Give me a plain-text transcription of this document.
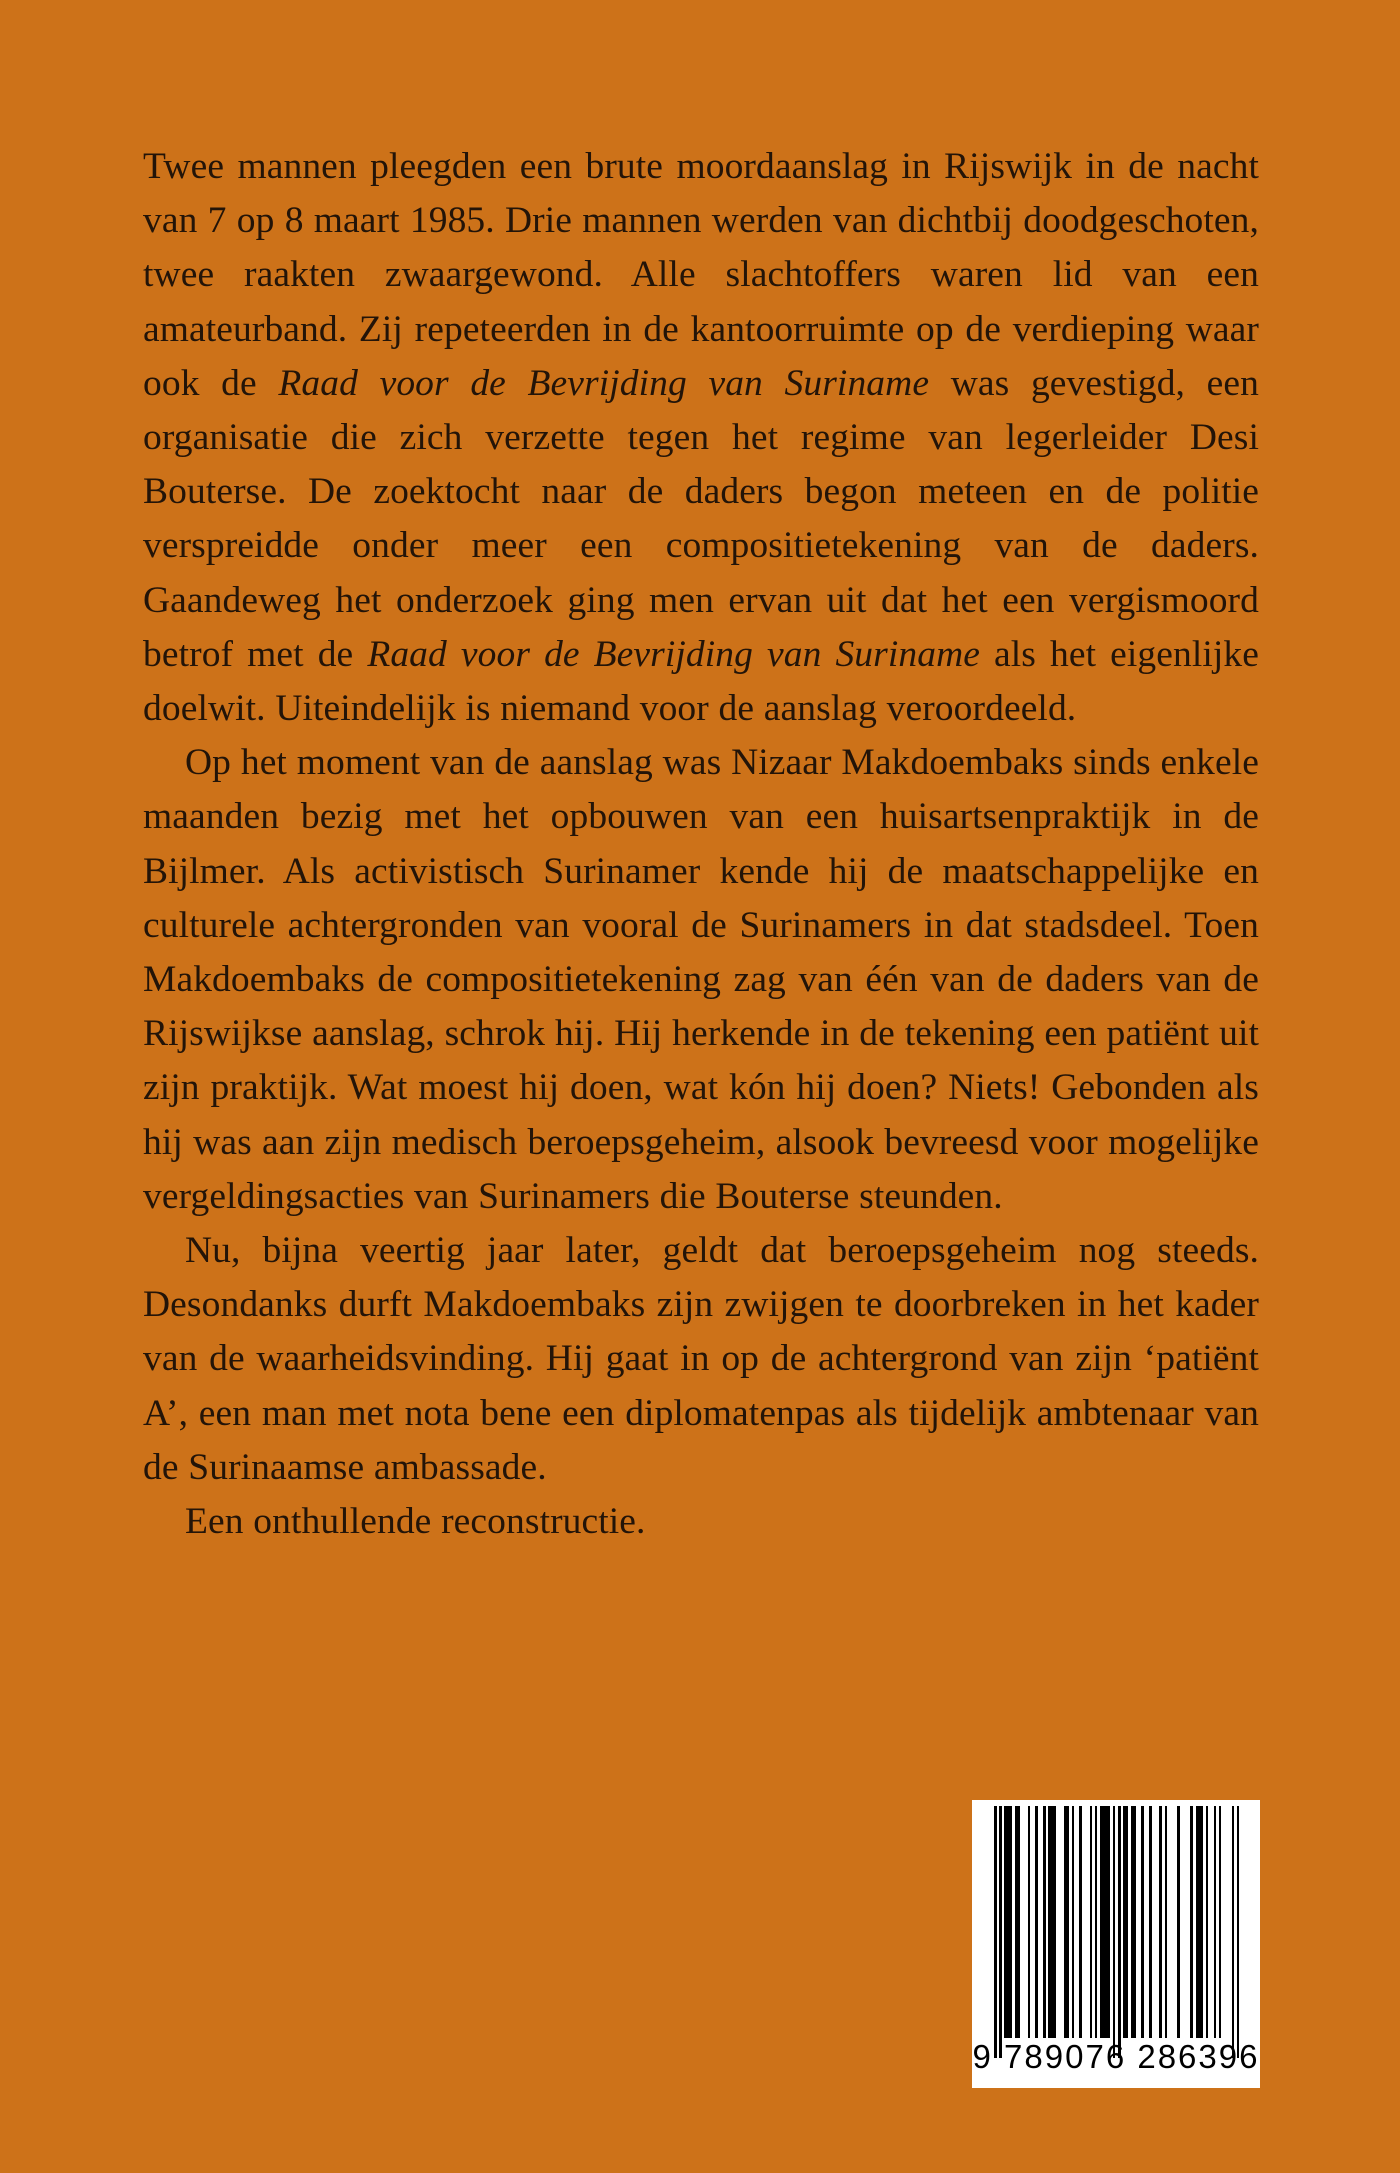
Twee mannen pleegden een brute moordaanslag in Rijswijk in de nacht van 7 op 8 maart 1985. Drie mannen werden van dichtbij doodgeschoten, twee raakten zwaargewond. Alle slachtoffers waren lid van een amateurband. Zij repeteerden in de kantoorruimte op de verdieping waar ook de Raad voor de Bevrijding van Suriname was gevestigd, een organisatie die zich verzette tegen het regime van legerleider Desi Bouterse. De zoektocht naar de daders begon meteen en de politie verspreidde onder meer een compositietekening van de daders. Gaandeweg het onderzoek ging men ervan uit dat het een vergismoord betrof met de Raad voor de Bevrijding van Suriname als het eigenlijke doelwit. Uiteindelijk is niemand voor de aanslag veroordeeld.

Op het moment van de aanslag was Nizaar Makdoembaks sinds enkele maanden bezig met het opbouwen van een huisartsenpraktijk in de Bijlmer. Als activistisch Surinamer kende hij de maatschappelijke en culturele achtergronden van vooral de Surinamers in dat stadsdeel. Toen Makdoembaks de compositietekening zag van één van de daders van de Rijswijkse aanslag, schrok hij. Hij herkende in de tekening een patiënt uit zijn praktijk. Wat moest hij doen, wat kón hij doen? Niets! Gebonden als hij was aan zijn medisch beroepsgeheim, alsook bevreesd voor mogelijke vergeldingsacties van Surinamers die Bouterse steunden.

Nu, bijna veertig jaar later, geldt dat beroepsgeheim nog steeds. Desondanks durft Makdoembaks zijn zwijgen te doorbreken in het kader van de waarheidsvinding. Hij gaat in op de achtergrond van zijn ‘patiënt A’, een man met nota bene een diplomatenpas als tijdelijk ambtenaar van de Surinaamse ambassade.

Een onthullende reconstructie.

9 789076 286396
